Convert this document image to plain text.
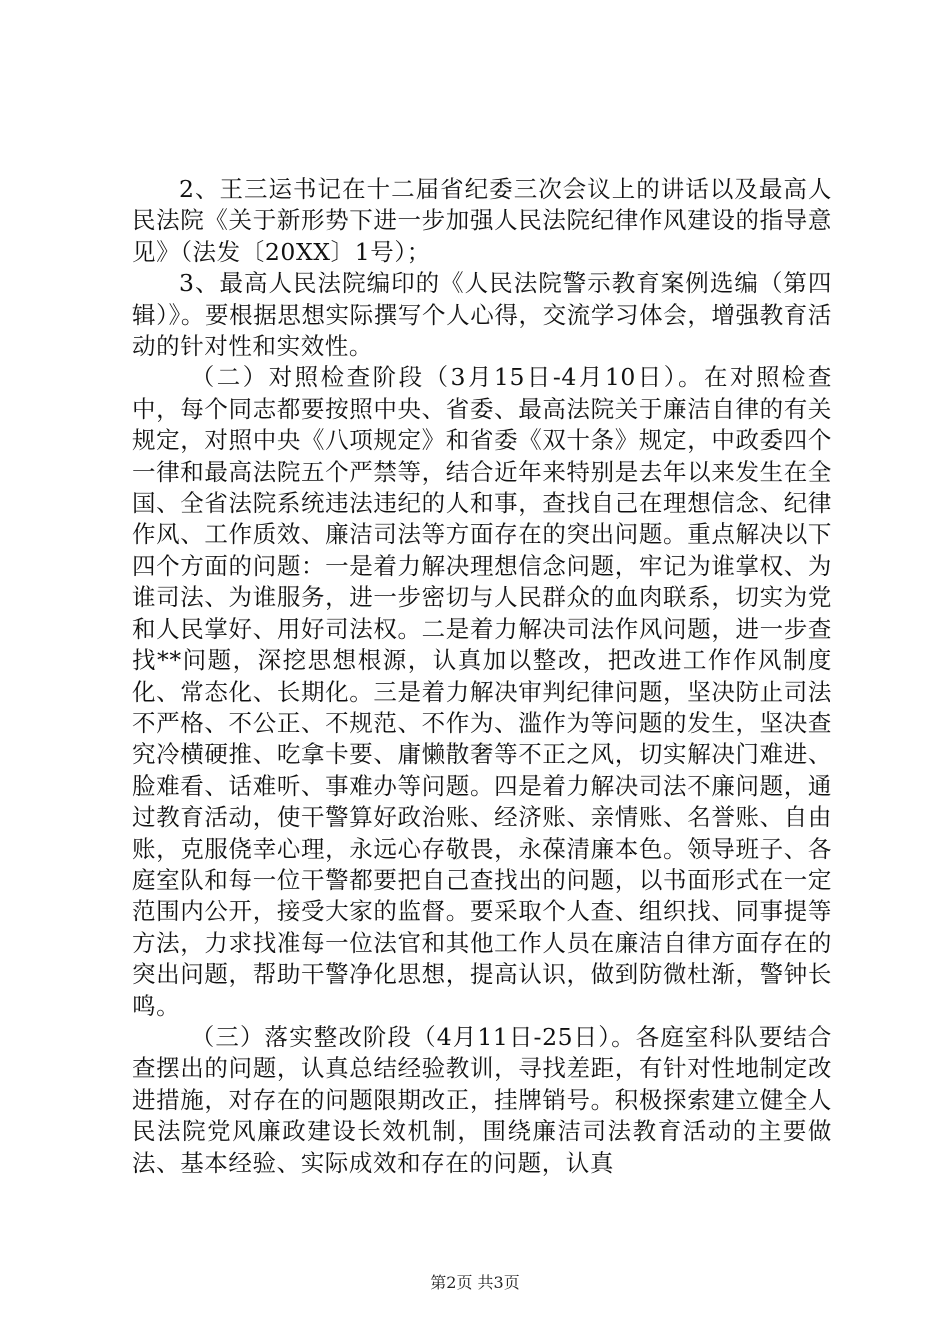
2、王三运书记在十二届省纪委三次会议上的讲话以及最高人民法院《关于新形势下进一步加强人民法院纪律作风建设的指导意见》（法发〔20XX〕1号）；

3、最高人民法院编印的《人民法院警示教育案例选编（第四辑）》。要根据思想实际撰写个人心得，交流学习体会，增强教育活动的针对性和实效性。

（二）对照检查阶段（3月15日-4月10日）。在对照检查中，每个同志都要按照中央、省委、最高法院关于廉洁自律的有关规定，对照中央《八项规定》和省委《双十条》规定，中政委四个一律和最高法院五个严禁等，结合近年来特别是去年以来发生在全国、全省法院系统违法违纪的人和事，查找自己在理想信念、纪律作风、工作质效、廉洁司法等方面存在的突出问题。重点解决以下四个方面的问题：一是着力解决理想信念问题，牢记为谁掌权、为谁司法、为谁服务，进一步密切与人民群众的血肉联系，切实为党和人民掌好、用好司法权。二是着力解决司法作风问题，进一步查找**问题，深挖思想根源，认真加以整改，把改进工作作风制度化、常态化、长期化。三是着力解决审判纪律问题，坚决防止司法不严格、不公正、不规范、不作为、滥作为等问题的发生，坚决查究冷横硬推、吃拿卡要、庸懒散奢等不正之风，切实解决门难进、脸难看、话难听、事难办等问题。四是着力解决司法不廉问题，通过教育活动，使干警算好政治账、经济账、亲情账、名誉账、自由账，克服侥幸心理，永远心存敬畏，永葆清廉本色。领导班子、各庭室队和每一位干警都要把自己查找出的问题，以书面形式在一定范围内公开，接受大家的监督。要采取个人查、组织找、同事提等方法，力求找准每一位法官和其他工作人员在廉洁自律方面存在的突出问题，帮助干警净化思想，提高认识，做到防微杜渐，警钟长鸣。

（三）落实整改阶段（4月11日-25日）。各庭室科队要结合查摆出的问题，认真总结经验教训，寻找差距，有针对性地制定改进措施，对存在的问题限期改正，挂牌销号。积极探索建立健全人民法院党风廉政建设长效机制，围绕廉洁司法教育活动的主要做法、基本经验、实际成效和存在的问题，认真

第2页 共3页
